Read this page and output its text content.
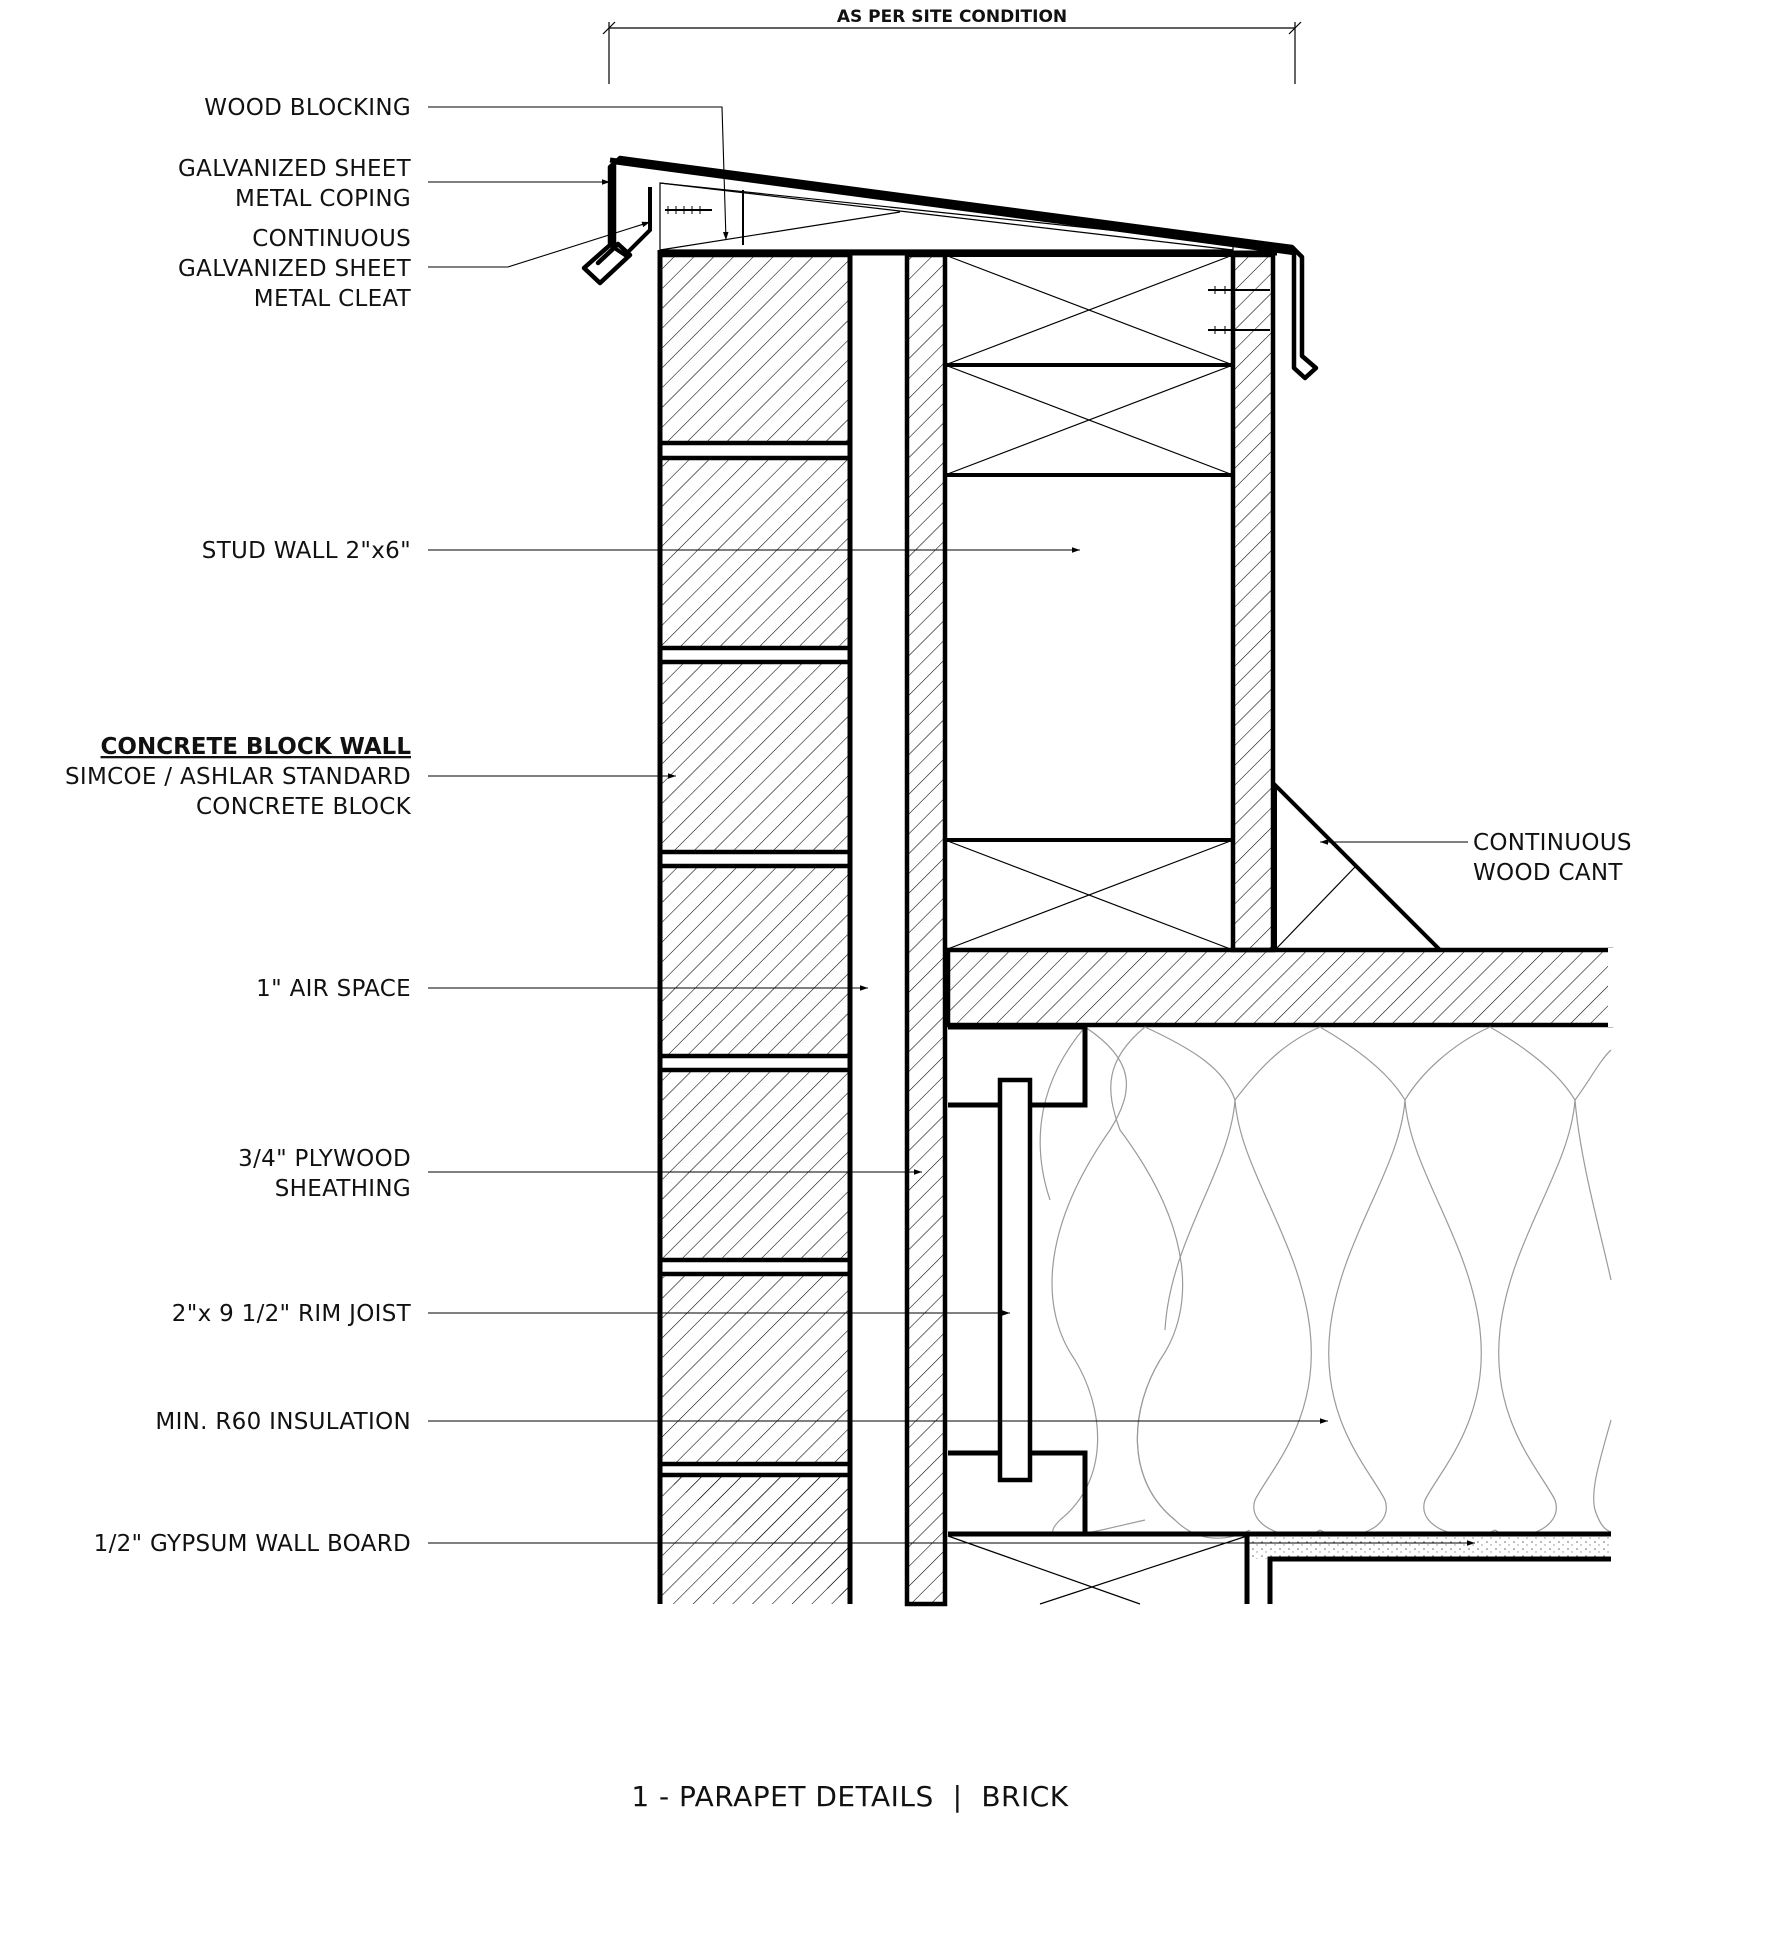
AS PER SITE CONDITION
WOOD BLOCKING
GALVANIZED SHEET
METAL COPING
CONTINUOUS
GALVANIZED SHEET
METAL CLEAT
STUD WALL 2"x6"
CONCRETE BLOCK WALL
SIMCOE / ASHLAR STANDARD
CONCRETE BLOCK
CONTINUOUS
WOOD CANT
1" AIR SPACE
3/4" PLYWOOD
SHEATHING
2"x 9 1/2" RIM JOIST
MIN. R60 INSULATION
1/2" GYPSUM WALL BOARD
1 - PARAPET DETAILS  |  BRICK
